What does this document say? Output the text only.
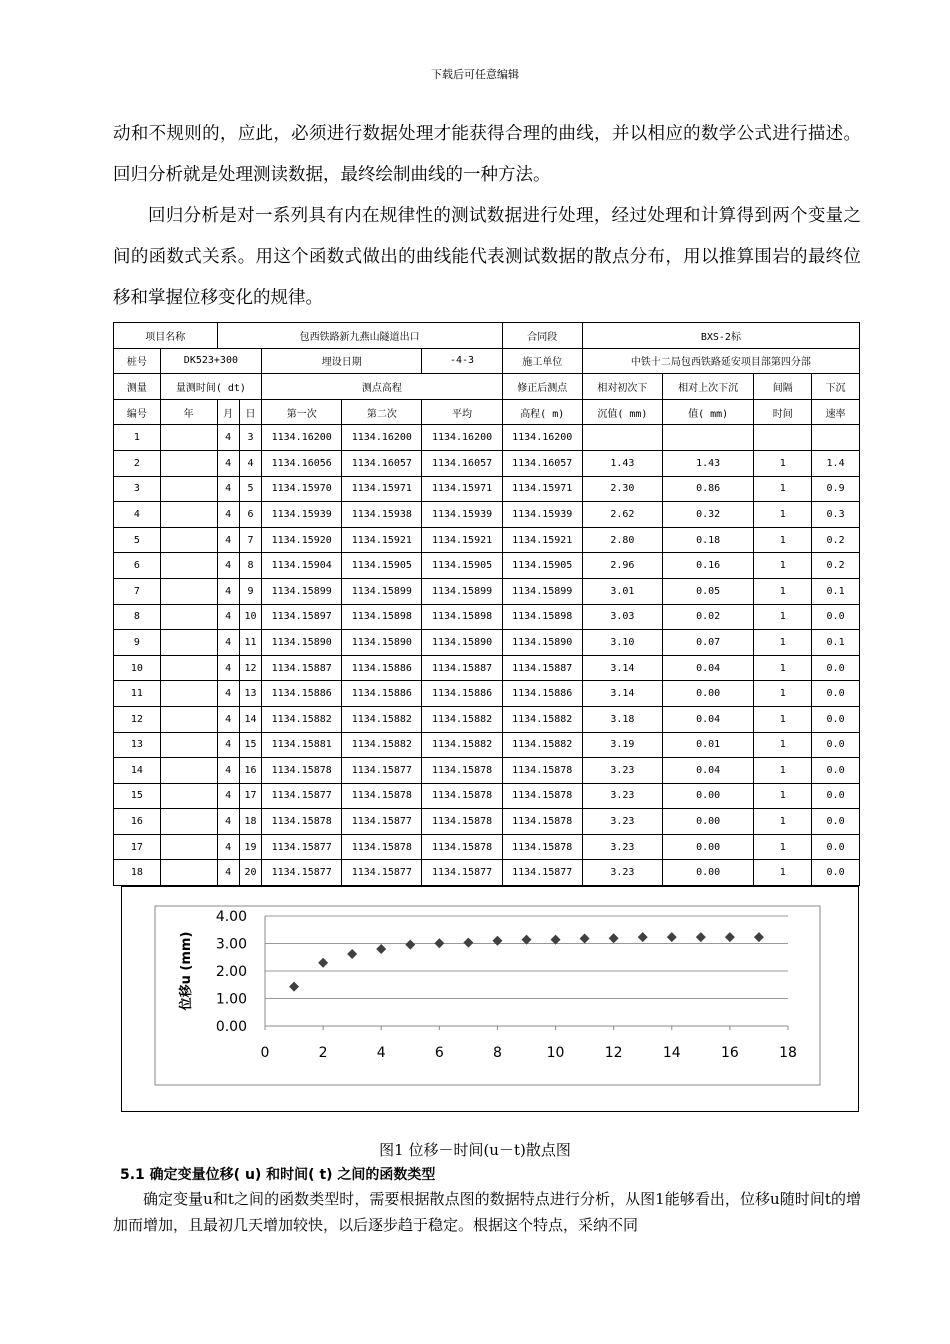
下载后可任意编辑

动和不规则的，应此，必须进行数据处理才能获得合理的曲线，并以相应的数学公式进行描述。回归分析就是处理测读数据，最终绘制曲线的一种方法。

回归分析是对一系列具有内在规律性的测试数据进行处理，经过处理和计算得到两个变量之间的函数式关系。用这个函数式做出的曲线能代表测试数据的散点分布，用以推算围岩的最终位移和掌握位移变化的规律。

项目名称		包西铁路新九燕山隧道出口					合同段	BXS-2标			
桩号	DK523+300			埋设日期		-4-3	施工单位	中铁十二局包西铁路延安项目部第四分部			
测量	量测时间( dt)			测点高程			修正后测点	相对初次下	相对上次下沉	间隔	下沉
编号	年	月	日	第一次	第二次	平均	高程( m)	沉值( mm)	值( mm)	时间	速率
1		4	3	1134.16200	1134.16200	1134.16200	1134.16200				
2		4	4	1134.16056	1134.16057	1134.16057	1134.16057	1.43	1.43	1	1.4
3		4	5	1134.15970	1134.15971	1134.15971	1134.15971	2.30	0.86	1	0.9
4		4	6	1134.15939	1134.15938	1134.15939	1134.15939	2.62	0.32	1	0.3
5		4	7	1134.15920	1134.15921	1134.15921	1134.15921	2.80	0.18	1	0.2
6		4	8	1134.15904	1134.15905	1134.15905	1134.15905	2.96	0.16	1	0.2
7		4	9	1134.15899	1134.15899	1134.15899	1134.15899	3.01	0.05	1	0.1
8		4	10	1134.15897	1134.15898	1134.15898	1134.15898	3.03	0.02	1	0.0
9		4	11	1134.15890	1134.15890	1134.15890	1134.15890	3.10	0.07	1	0.1
10		4	12	1134.15887	1134.15886	1134.15887	1134.15887	3.14	0.04	1	0.0
11		4	13	1134.15886	1134.15886	1134.15886	1134.15886	3.14	0.00	1	0.0
12		4	14	1134.15882	1134.15882	1134.15882	1134.15882	3.18	0.04	1	0.0
13		4	15	1134.15881	1134.15882	1134.15882	1134.15882	3.19	0.01	1	0.0
14		4	16	1134.15878	1134.15877	1134.15878	1134.15878	3.23	0.04	1	0.0
15		4	17	1134.15877	1134.15878	1134.15878	1134.15878	3.23	0.00	1	0.0
16		4	18	1134.15878	1134.15877	1134.15878	1134.15878	3.23	0.00	1	0.0
17		4	19	1134.15877	1134.15878	1134.15878	1134.15878	3.23	0.00	1	0.0
18		4	20	1134.15877	1134.15877	1134.15877	1134.15877	3.23	0.00	1	0.0
0.00
1.00
2.00
3.00
4.00
0	2	4	6	8	10	12	14	16	18
位移u (mm)
图1 位移－时间(u－t)散点图
5.1 确定变量位移( u) 和时间( t) 之间的函数类型

确定变量u和t之间的函数类型时，需要根据散点图的数据特点进行分析，从图1能够看出，位移u随时间t的增加而增加，且最初几天增加较快，以后逐步趋于稳定。根据这个特点，采纳不同
